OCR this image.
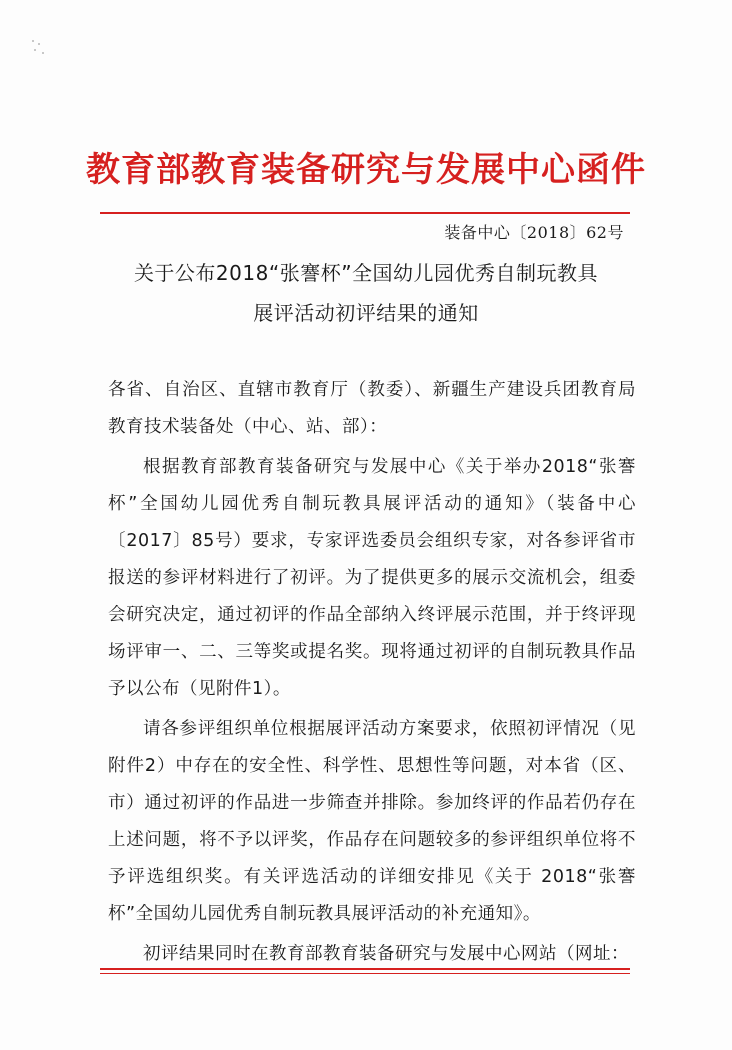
教育部教育装备研究与发展中心函件
装备中心〔2018〕62号
关于公布2018“张謇杯”全国幼儿园优秀自制玩教具
展评活动初评结果的通知

各省、自治区、直辖市教育厅（教委）、新疆生产建设兵团教育局教育技术装备处（中心、站、部）：

根据教育部教育装备研究与发展中心《关于举办2018“张謇杯”全国幼儿园优秀自制玩教具展评活动的通知》（装备中心〔2017〕85号）要求，专家评选委员会组织专家，对各参评省市报送的参评材料进行了初评。为了提供更多的展示交流机会，组委会研究决定，通过初评的作品全部纳入终评展示范围，并于终评现场评审一、二、三等奖或提名奖。现将通过初评的自制玩教具作品予以公布（见附件1）。

请各参评组织单位根据展评活动方案要求，依照初评情况（见附件2）中存在的安全性、科学性、思想性等问题，对本省（区、市）通过初评的作品进一步筛查并排除。参加终评的作品若仍存在上述问题，将不予以评奖，作品存在问题较多的参评组织单位将不予评选组织奖。有关评选活动的详细安排见《关于 2018“张謇杯”全国幼儿园优秀自制玩教具展评活动的补充通知》。

初评结果同时在教育部教育装备研究与发展中心网站（网址：
